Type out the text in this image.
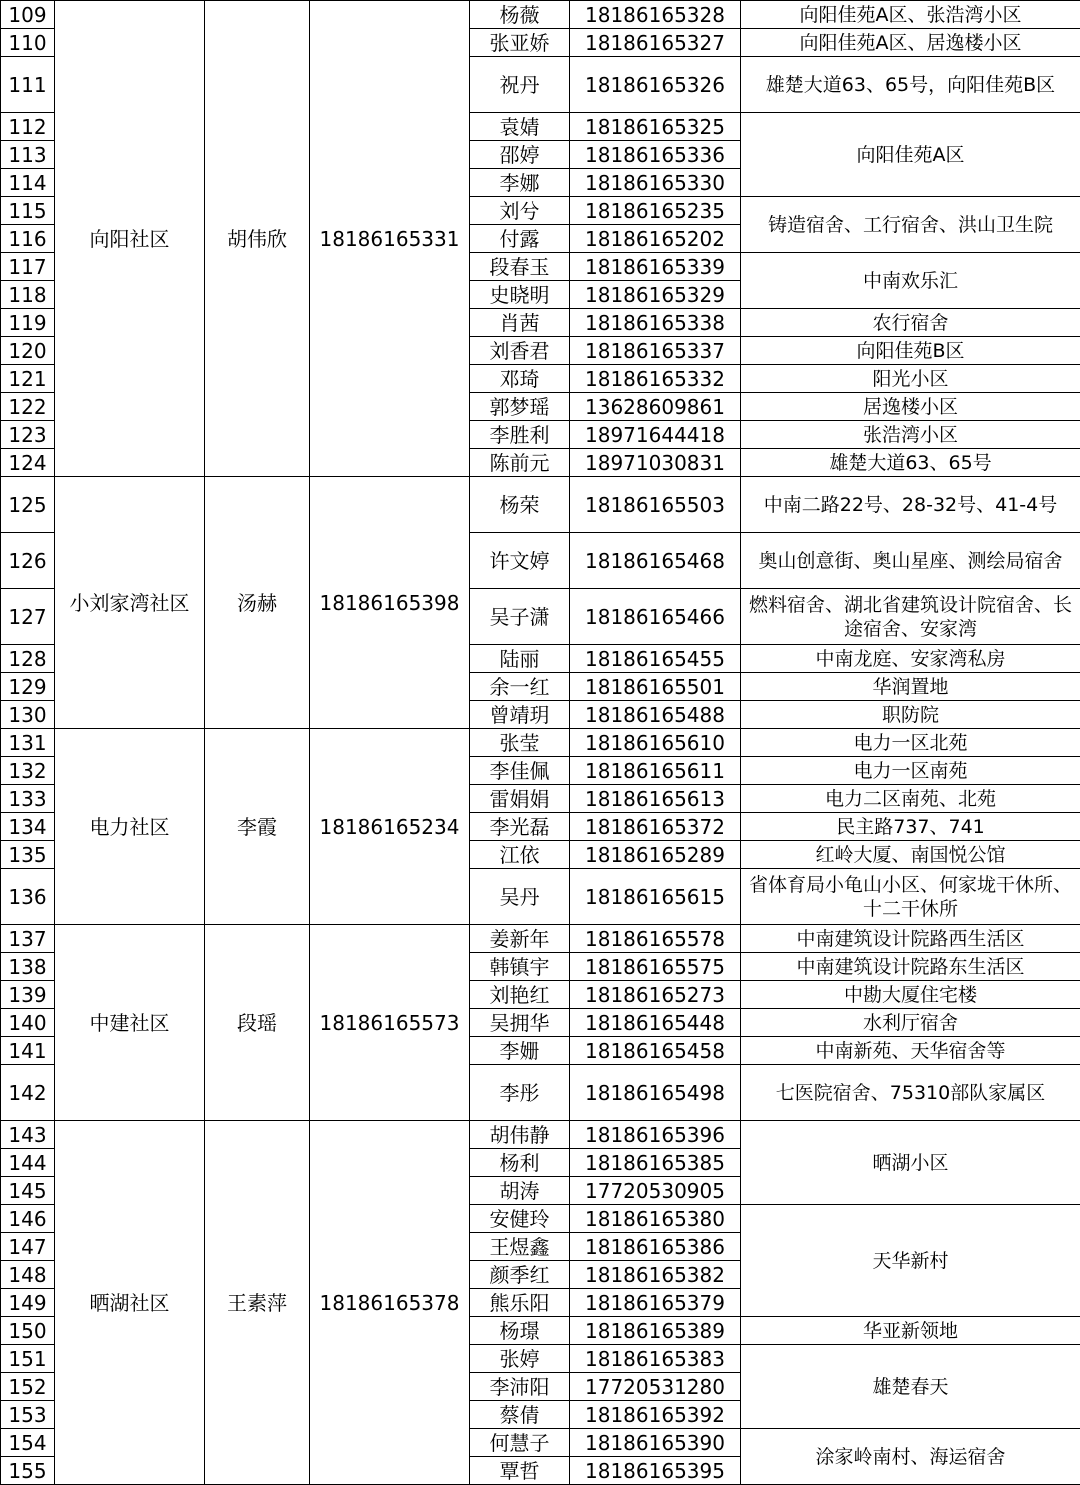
109	向阳社区	胡伟欣	18186165331	杨薇	18186165328	向阳佳苑A区、张浩湾小区
110				张亚娇	18186165327	向阳佳苑A区、居逸楼小区
111				祝丹	18186165326	雄楚大道63、65号，向阳佳苑B区
112				袁婧	18186165325	向阳佳苑A区
113				邵婷	18186165336	
114				李娜	18186165330	
115				刘兮	18186165235	铸造宿舍、工行宿舍、洪山卫生院
116				付露	18186165202	
117				段春玉	18186165339	中南欢乐汇
118				史晓明	18186165329	
119				肖茜	18186165338	农行宿舍
120				刘香君	18186165337	向阳佳苑B区
121				邓琦	18186165332	阳光小区
122				郭梦瑶	13628609861	居逸楼小区
123				李胜利	18971644418	张浩湾小区
124				陈前元	18971030831	雄楚大道63、65号
125	小刘家湾社区	汤赫	18186165398	杨荣	18186165503	中南二路22号、28-32号、41-4号
126				许文婷	18186165468	奥山创意街、奥山星座、测绘局宿舍
127				吴子潇	18186165466	燃料宿舍、湖北省建筑设计院宿舍、长途宿舍、安家湾
128				陆丽	18186165455	中南龙庭、安家湾私房
129				余一红	18186165501	华润置地
130				曾靖玥	18186165488	职防院
131	电力社区	李霞	18186165234	张莹	18186165610	电力一区北苑
132				李佳佩	18186165611	电力一区南苑
133				雷娟娟	18186165613	电力二区南苑、北苑
134				李光磊	18186165372	民主路737、741
135				江依	18186165289	红岭大厦、南国悦公馆
136				吴丹	18186165615	省体育局小龟山小区、何家垅干休所、十二干休所
137	中建社区	段瑶	18186165573	姜新年	18186165578	中南建筑设计院路西生活区
138				韩镇宇	18186165575	中南建筑设计院路东生活区
139				刘艳红	18186165273	中勘大厦住宅楼
140				吴拥华	18186165448	水利厅宿舍
141				李姗	18186165458	中南新苑、天华宿舍等
142				李彤	18186165498	七医院宿舍、75310部队家属区
143	晒湖社区	王素萍	18186165378	胡伟静	18186165396	晒湖小区
144				杨利	18186165385	
145				胡涛	17720530905	
146				安健玲	18186165380	天华新村
147				王煜鑫	18186165386	
148				颜季红	18186165382	
149				熊乐阳	18186165379	
150				杨璟	18186165389	华亚新领地
151				张婷	18186165383	雄楚春天
152				李沛阳	17720531280	
153				蔡倩	18186165392	
154				何慧子	18186165390	涂家岭南村、海运宿舍
155				覃哲	18186165395	
